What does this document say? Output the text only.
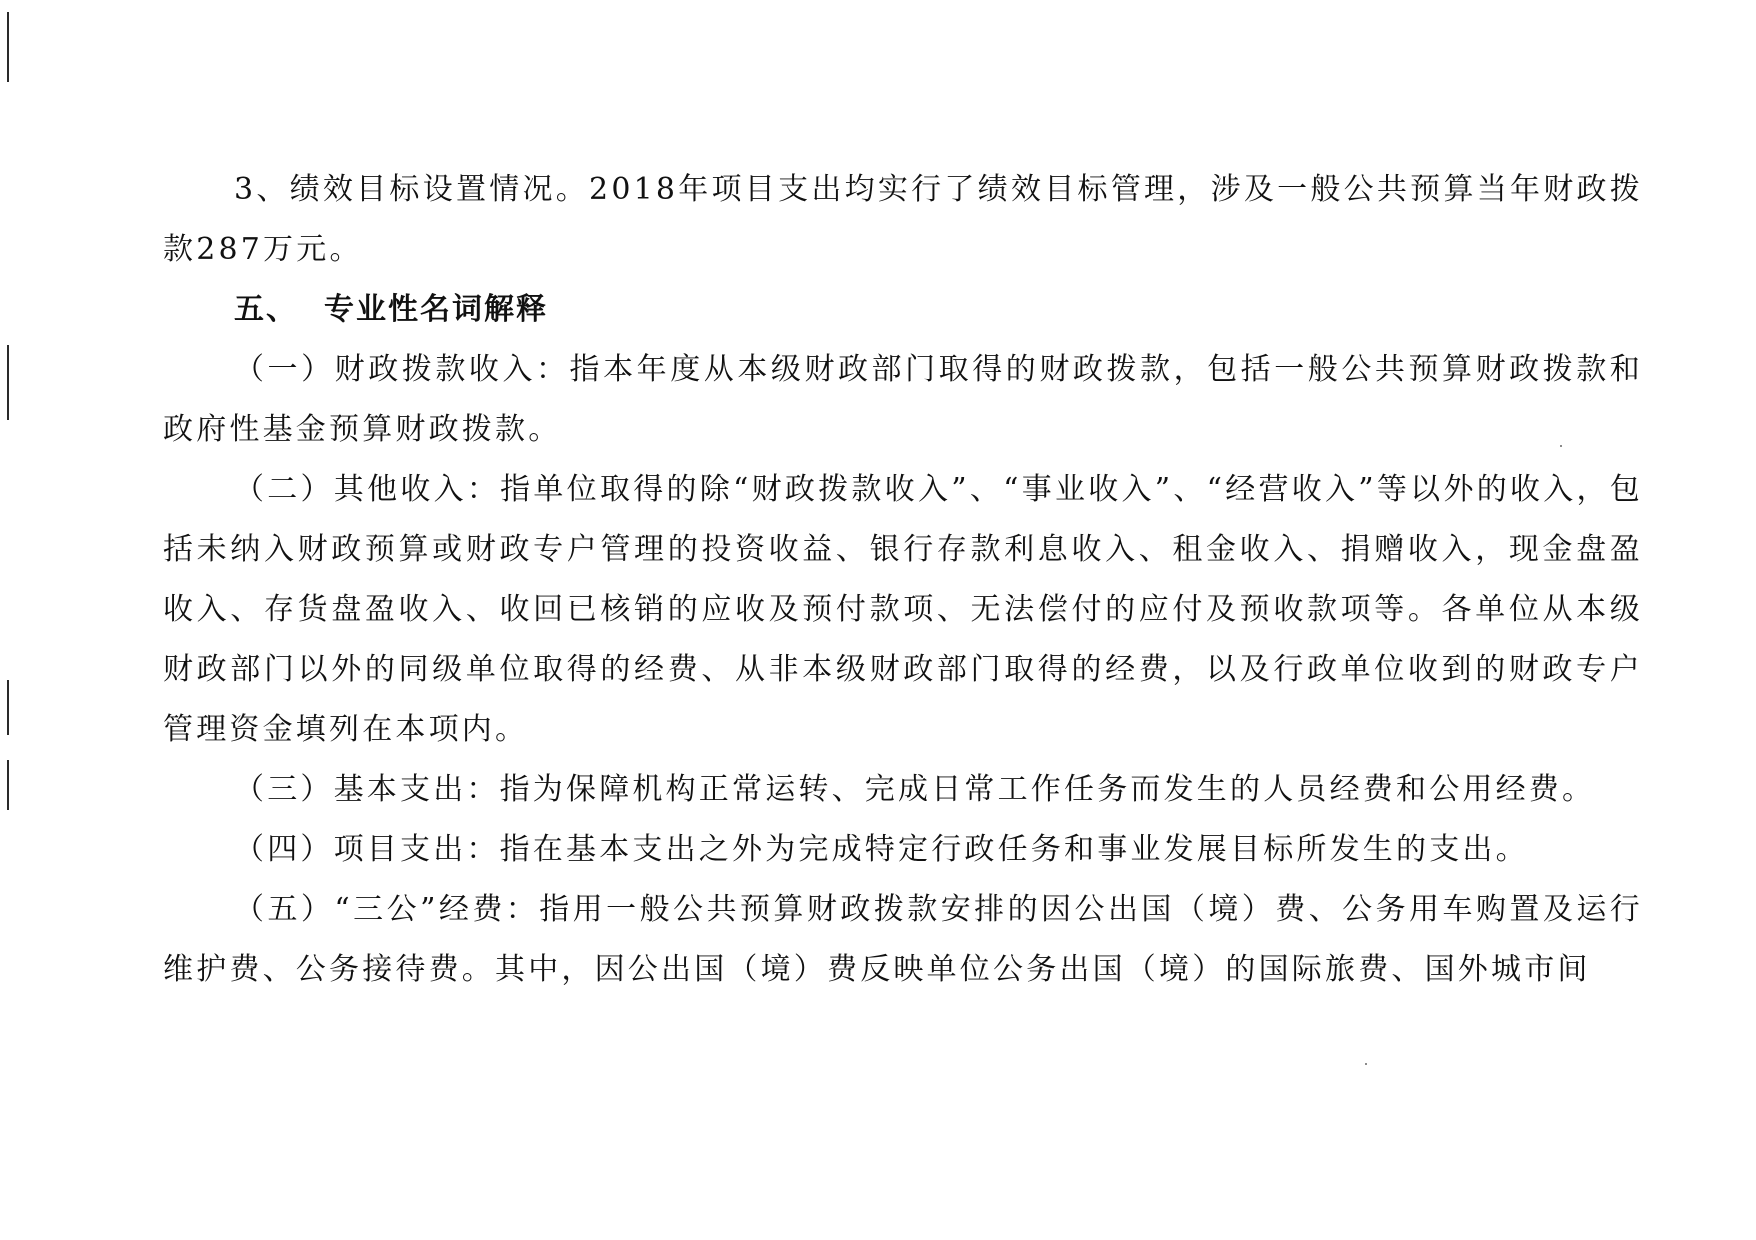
3、绩效目标设置情况。2018年项目支出均实行了绩效目标管理，涉及一般公共预算当年财政拨款287万元。

五、 专业性名词解释

（一）财政拨款收入：指本年度从本级财政部门取得的财政拨款，包括一般公共预算财政拨款和政府性基金预算财政拨款。

（二）其他收入：指单位取得的除“财政拨款收入”、“事业收入”、“经营收入”等以外的收入，包括未纳入财政预算或财政专户管理的投资收益、银行存款利息收入、租金收入、捐赠收入，现金盘盈收入、存货盘盈收入、收回已核销的应收及预付款项、无法偿付的应付及预收款项等。各单位从本级财政部门以外的同级单位取得的经费、从非本级财政部门取得的经费，以及行政单位收到的财政专户管理资金填列在本项内。

（三）基本支出：指为保障机构正常运转、完成日常工作任务而发生的人员经费和公用经费。

（四）项目支出：指在基本支出之外为完成特定行政任务和事业发展目标所发生的支出。

（五）“三公”经费：指用一般公共预算财政拨款安排的因公出国（境）费、公务用车购置及运行维护费、公务接待费。其中，因公出国（境）费反映单位公务出国（境）的国际旅费、国外城市间
